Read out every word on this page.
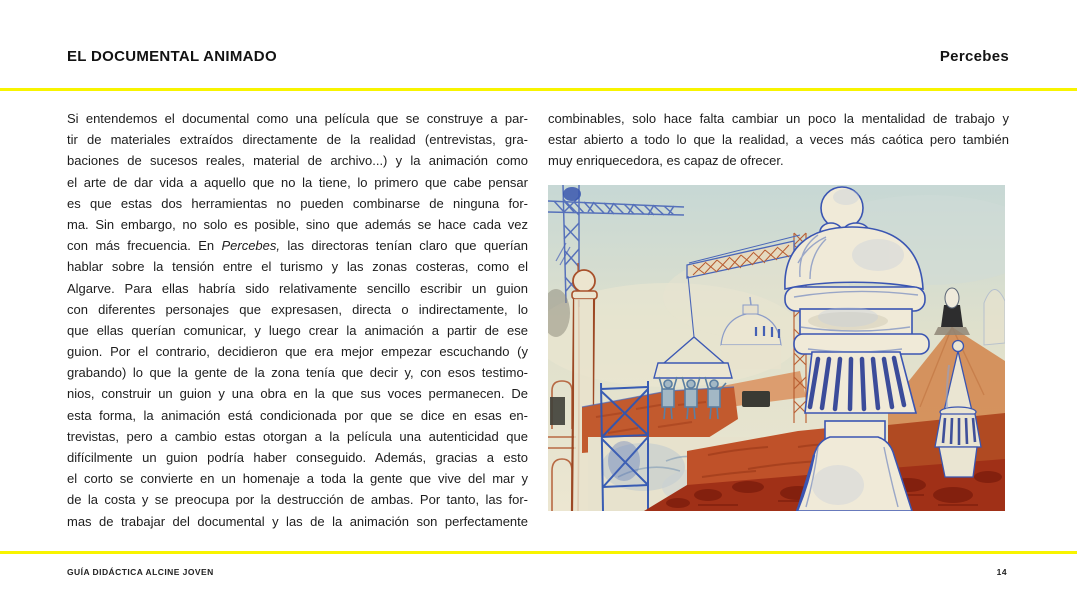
EL DOCUMENTAL ANIMADO	Percebes
Si entendemos el documental como una película que se construye a par-
tir de materiales extraídos directamente de la realidad (entrevistas, gra-
baciones de sucesos reales, material de archivo...) y la animación como
el arte de dar vida a aquello que no la tiene, lo primero que cabe pensar
es que estas dos herramientas no pueden combinarse de ninguna for-
ma. Sin embargo, no solo es posible, sino que además se hace cada vez
con más frecuencia. En Percebes, las directoras tenían claro que querían
hablar sobre la tensión entre el turismo y las zonas costeras, como el
Algarve. Para ellas habría sido relativamente sencillo escribir un guion
con diferentes personajes que expresasen, directa o indirectamente, lo
que ellas querían comunicar, y luego crear la animación a partir de ese
guion. Por el contrario, decidieron que era mejor empezar escuchando (y
grabando) lo que la gente de la zona tenía que decir y, con esos testimo-
nios, construir un guion y una obra en la que sus voces permanecen. De
esta forma, la animación está condicionada por que se dice en esas en-
trevistas, pero a cambio estas otorgan a la película una autenticidad que
difícilmente un guion podría haber conseguido. Además, gracias a esto
el corto se convierte en un homenaje a toda la gente que vive del mar y
de la costa y se preocupa por la destrucción de ambas. Por tanto, las for-
mas de trabajar del documental y las de la animación son perfectamente
combinables, solo hace falta cambiar un poco la mentalidad de trabajo y
estar abierto a todo lo que la realidad, a veces más caótica pero también
muy enriquecedora, es capaz de ofrecer.
GUÍA DIDÁCTICA ALCINE JOVEN	14
